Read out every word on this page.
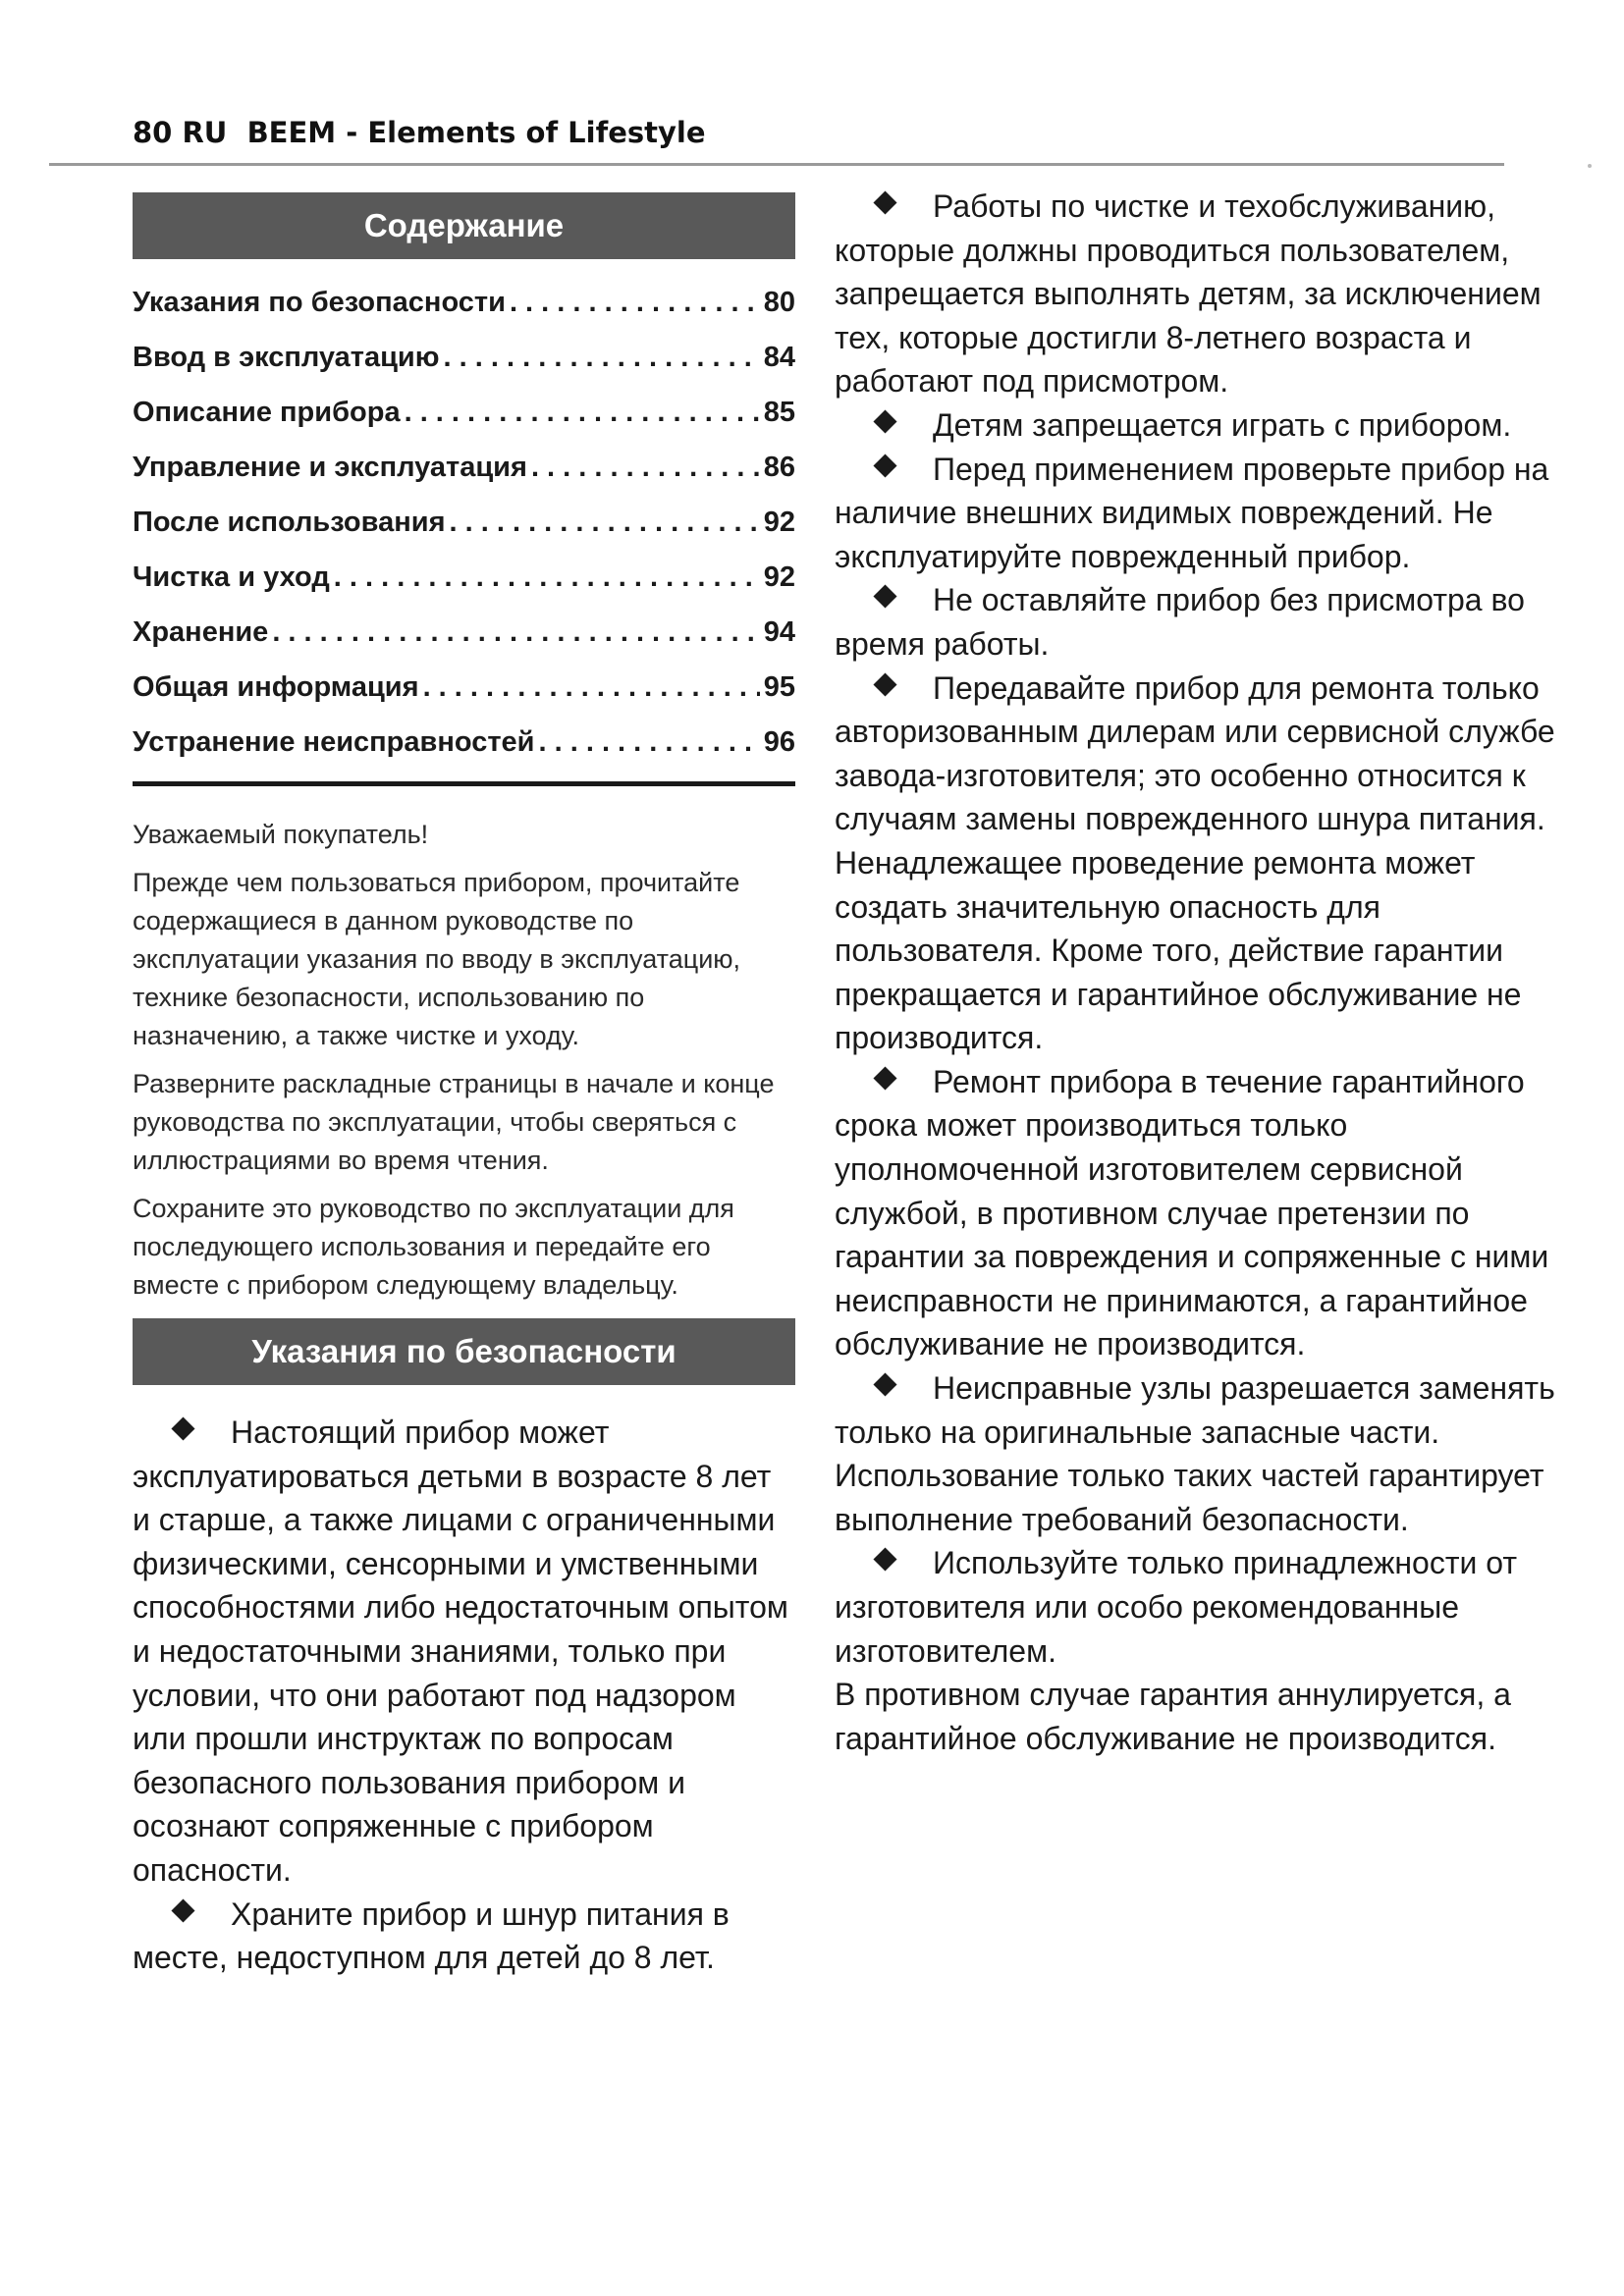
80 RU BEEM - Elements of Lifestyle
Содержание
Указания по безопасности . . .	80
Ввод в эксплуатацию . . .	84
Описание прибора . . .	85
Управление и эксплуатация . . .	86
После использования . . .	92
Чистка и уход . . .	92
Хранение . . .	94
Общая информация . . .	95
Устранение неисправностей . . .	96

Уважаемый покупатель!

Прежде чем пользоваться прибором, прочитайте содержащиеся в данном руководстве по эксплуатации указания по вводу в эксплуатацию, технике безопасности, использованию по назначению, а также чистке и уходу.

Разверните раскладные страницы в начале и конце руководства по эксплуатации, чтобы сверяться с иллюстрациями во время чтения.

Сохраните это руководство по эксплуатации для последующего использования и передайте его вместе с прибором следующему владельцу.

Указания по безопасности

Настоящий прибор может эксплуатироваться детьми в возрасте 8 лет и старше, а также лицами с ограниченными физическими, сенсорными и умственными способностями либо недостаточным опытом и недостаточными знаниями, только при условии, что они работают под надзором или прошли инструктаж по вопросам безопасного пользования прибором и осознают сопряженные с прибором опасности.

Храните прибор и шнур питания в месте, недоступном для детей до 8 лет.

Работы по чистке и техобслуживанию, которые должны проводиться пользователем, запрещается выполнять детям, за исключением тех, которые достигли 8-летнего возраста и работают под присмотром.

Детям запрещается играть с прибором.

Перед применением проверьте прибор на наличие внешних видимых повреждений. Не эксплуатируйте поврежденный прибор.

Не оставляйте прибор без присмотра во время работы.

Передавайте прибор для ремонта только авторизованным дилерам или сервисной службе завода-изготовителя; это особенно относится к случаям замены поврежденного шнура питания. Ненадлежащее проведение ремонта может создать значительную опасность для пользователя. Кроме того, действие гарантии прекращается и гарантийное обслуживание не производится.

Ремонт прибора в течение гарантийного срока может производиться только уполномоченной изготовителем сервисной службой, в противном случае претензии по гарантии за повреждения и сопряженные с ними неисправности не принимаются, а гарантийное обслуживание не производится.

Неисправные узлы разрешается заменять только на оригинальные запасные части. Использование только таких частей гарантирует выполнение требований безопасности.

Используйте только принадлежности от изготовителя или особо рекомендованные изготовителем.

В противном случае гарантия аннулируется, а гарантийное обслуживание не производится.
